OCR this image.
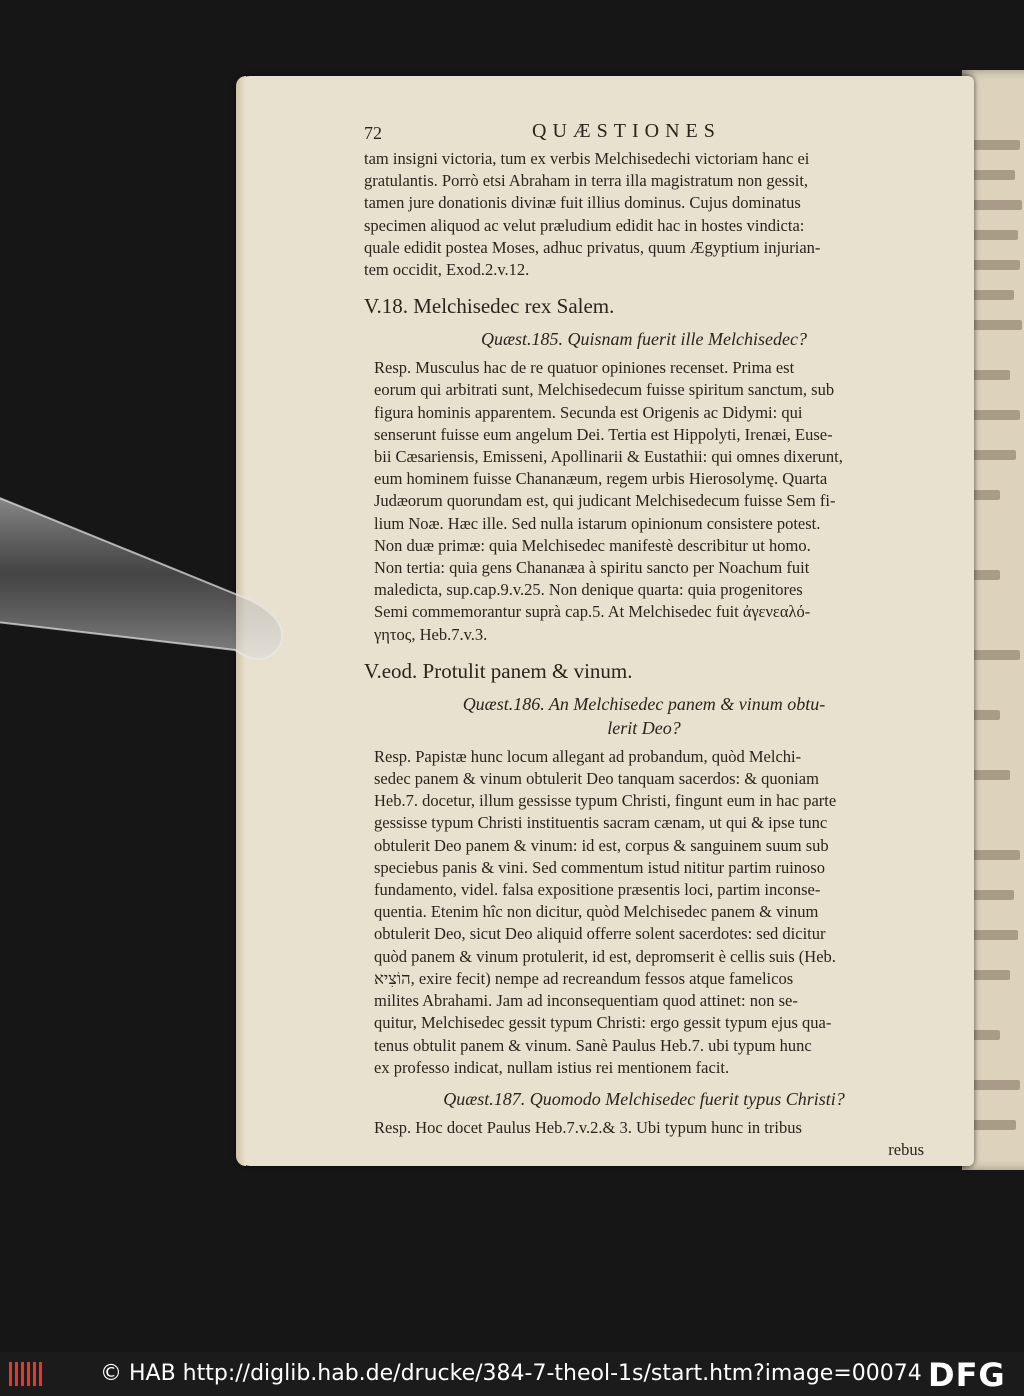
72	QUÆSTIONES
tam insigni victoria, tum ex verbis Melchisedechi victoriam hanc ei
gratulantis. Porrò etsi Abraham in terra illa magistratum non gessit,
tamen jure donationis divinæ fuit illius dominus. Cujus dominatus
specimen aliquod ac velut præludium edidit hac in hostes vindicta:
quale edidit postea Moses, adhuc privatus, quum Ægyptium injurian-
tem occidit, Exod.2.v.12.
V.18. Melchisedec rex Salem.
Quæst.185. Quisnam fuerit ille Melchisedec?
Resp. Musculus hac de re quatuor opiniones recenset. Prima est
eorum qui arbitrati sunt, Melchisedecum fuisse spiritum sanctum, sub
figura hominis apparentem. Secunda est Origenis ac Didymi: qui
senserunt fuisse eum angelum Dei. Tertia est Hippolyti, Irenæi, Euse-
bii Cæsariensis, Emisseni, Apollinarii & Eustathii: qui omnes dixerunt,
eum hominem fuisse Chananæum, regem urbis Hierosolymę. Quarta
Judæorum quorundam est, qui judicant Melchisedecum fuisse Sem fi-
lium Noæ. Hæc ille. Sed nulla istarum opinionum consistere potest.
Non duæ primæ: quia Melchisedec manifestè describitur ut homo.
Non tertia: quia gens Chananæa à spiritu sancto per Noachum fuit
maledicta, sup.cap.9.v.25. Non denique quarta: quia progenitores
Semi commemorantur suprà cap.5. At Melchisedec fuit ἀγενεαλό-
γητος, Heb.7.v.3.
V.eod. Protulit panem & vinum.
Quæst.186. An Melchisedec panem & vinum obtu-
lerit Deo?
Resp. Papistæ hunc locum allegant ad probandum, quòd Melchi-
sedec panem & vinum obtulerit Deo tanquam sacerdos: & quoniam
Heb.7. docetur, illum gessisse typum Christi, fingunt eum in hac parte
gessisse typum Christi instituentis sacram cænam, ut qui & ipse tunc
obtulerit Deo panem & vinum: id est, corpus & sanguinem suum sub
speciebus panis & vini. Sed commentum istud nititur partim ruinoso
fundamento, videl. falsa expositione præsentis loci, partim inconse-
quentia. Etenim hîc non dicitur, quòd Melchisedec panem & vinum
obtulerit Deo, sicut Deo aliquid offerre solent sacerdotes: sed dicitur
quòd panem & vinum protulerit, id est, depromserit è cellis suis (Heb.
הוֹצִיא, exire fecit) nempe ad recreandum fessos atque famelicos
milites Abrahami. Jam ad inconsequentiam quod attinet: non se-
quitur, Melchisedec gessit typum Christi: ergo gessit typum ejus qua-
tenus obtulit panem & vinum. Sanè Paulus Heb.7. ubi typum hunc
ex professo indicat, nullam istius rei mentionem facit.
Quæst.187. Quomodo Melchisedec fuerit typus Christi?
Resp. Hoc docet Paulus Heb.7.v.2.& 3. Ubi typum hunc in tribus
rebus
© HAB http://diglib.hab.de/drucke/384-7-theol-1s/start.htm?image=00074 DFG
